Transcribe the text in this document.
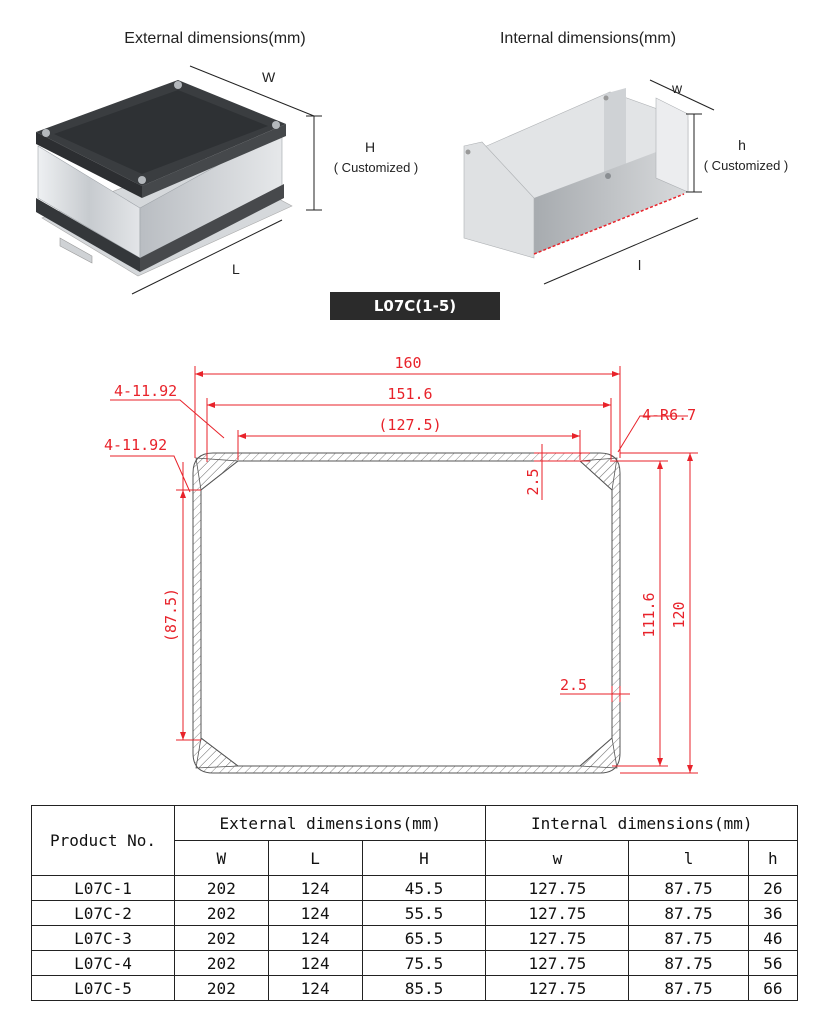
External dimensions(mm)	Internal dimensions(mm)
W
H
( Customized )
L
w
h
( Customized )
l
L07C(1-5)
160
151.6
(127.5)
4-11.92
4-11.92
4-R6.7
2.5
(87.5)	111.6 120
2.5
Product No.	External dimensions(mm)			Internal dimensions(mm)		
	W	L	H	w	l	h
L07C-1	202	124	45.5	127.75	87.75	26
L07C-2	202	124	55.5	127.75	87.75	36
L07C-3	202	124	65.5	127.75	87.75	46
L07C-4	202	124	75.5	127.75	87.75	56
L07C-5	202	124	85.5	127.75	87.75	66
